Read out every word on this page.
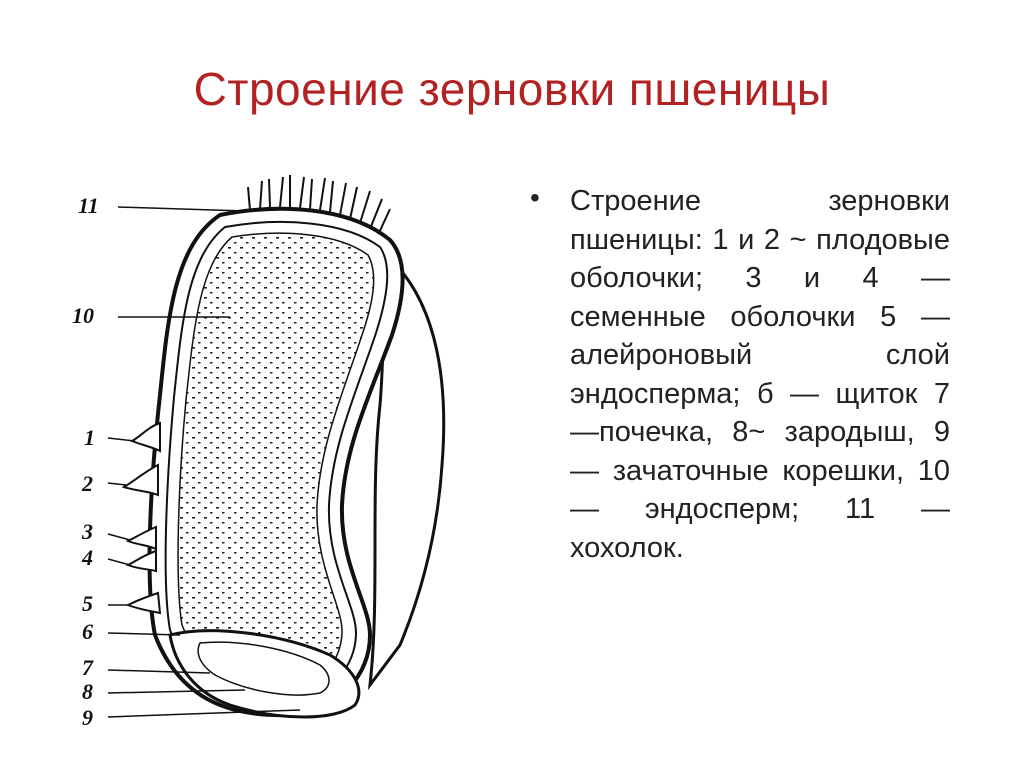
Строение зерновки пшеницы
11
10
1
2
3
4
5
6
7
8
9
• Строение зерновки пшеницы: 1 и 2 ~ плодовые оболочки; 3 и 4 — семенные оболочки 5 — алейроновый слой эндосперма; б — щиток 7 —почечка, 8~ зародыш, 9 — зачаточные корешки, 10 — эндосперм; 11 — хохолок.
